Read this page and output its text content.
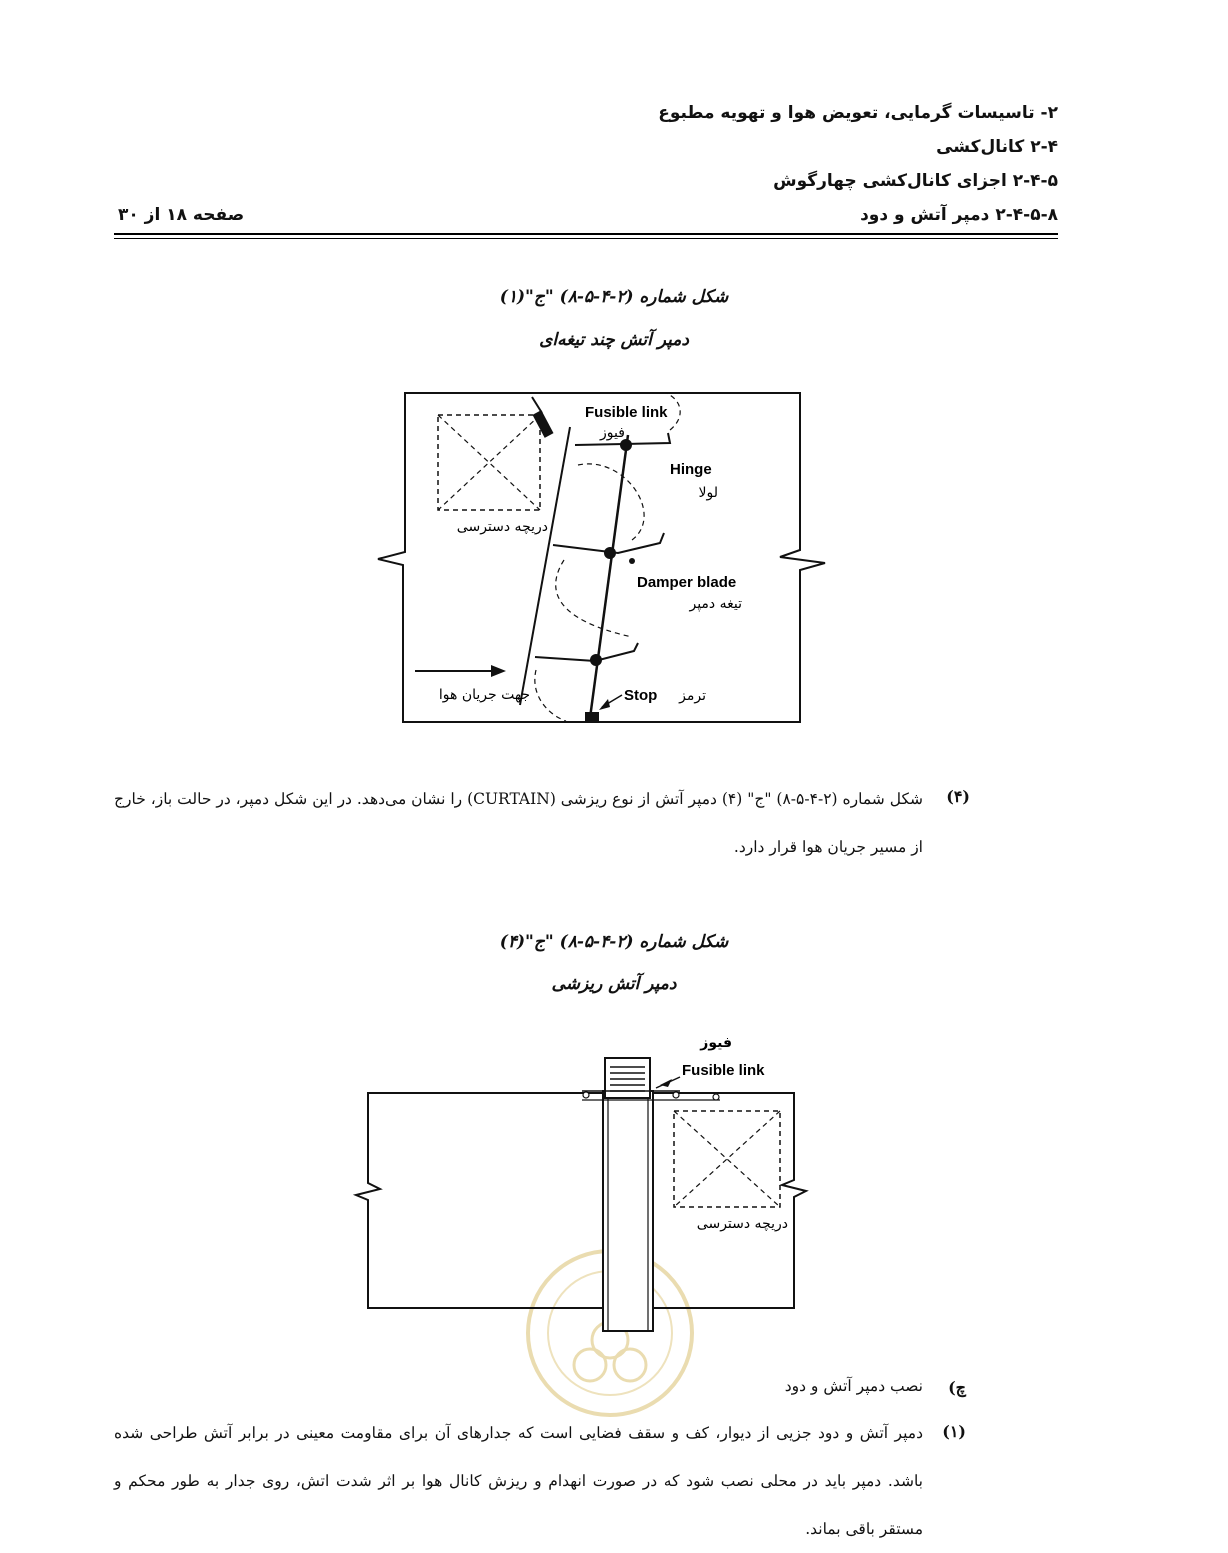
۲- تاسیسات گرمایی، تعویض هوا و تهویه مطبوع
۲-۴ کانال‌کشی
۲-۴-۵ اجزای کانال‌کشی چهارگوش
۲-۴-۵-۸ دمپر آتش و دود
صفحه ۱۸ از ۳۰
شکل شماره (۲-۴-۵-۸) "ج"(۱)
دمپر آتش چند تیغه‌ای
Fusible link
فیوز
Hinge
لولا
دریچه دسترسی
Damper blade
تیغه دمپر
جهت جریان هوا	Stop ترمز
(۴)
شکل شماره (۲-۴-۵-۸) "ج" (۴) دمپر آتش از نوع ریزشی (CURTAIN) را نشان می‌دهد. در این شکل دمپر، در حالت باز، خارج از مسیر جریان هوا قرار دارد.
شکل شماره (۲-۴-۵-۸) "ج"(۴)
دمپر آتش ریزشی
فیوز
Fusible link
دریچه دسترسی
چ)
نصب دمپر آتش و دود
(۱)
دمپر آتش و دود جزیی از دیوار، کف و سقف فضایی است که جدارهای آن برای مقاومت معینی در برابر آتش طراحی شده باشد. دمپر باید در محلی نصب شود که در صورت انهدام و ریزش کانال هوا بر اثر شدت اتش، روی جدار به طور محکم و مستقر باقی بماند.
